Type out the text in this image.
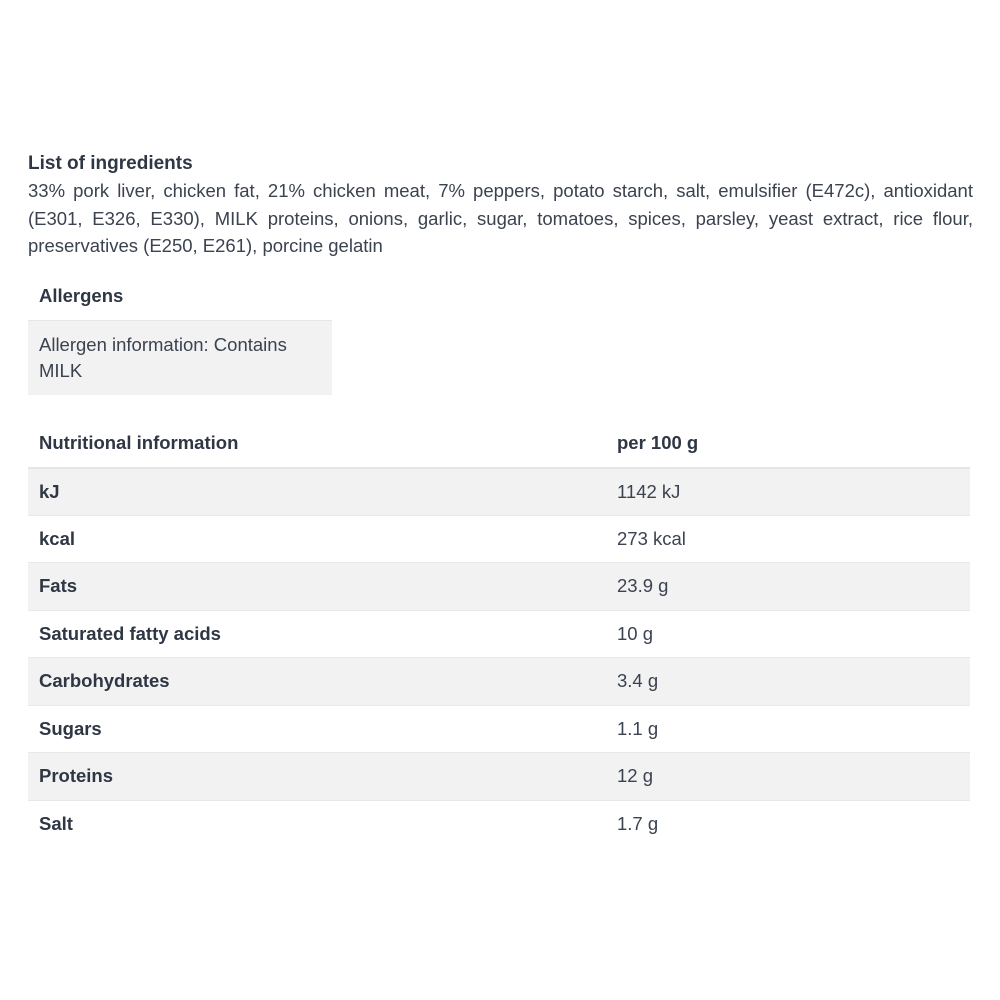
List of ingredients
33% pork liver, chicken fat, 21% chicken meat, 7% peppers, potato starch, salt, emulsifier (E472c), antioxidant (E301, E326, E330), MILK proteins, onions, garlic, sugar, tomatoes, spices, parsley, yeast extract, rice flour, preservatives (E250, E261), porcine gelatin
Allergens
Allergen information: Contains MILK
Nutritional information	per 100 g
kJ	1142 kJ
kcal	273 kcal
Fats	23.9 g
Saturated fatty acids	10 g
Carbohydrates	3.4 g
Sugars	1.1 g
Proteins	12 g
Salt	1.7 g
